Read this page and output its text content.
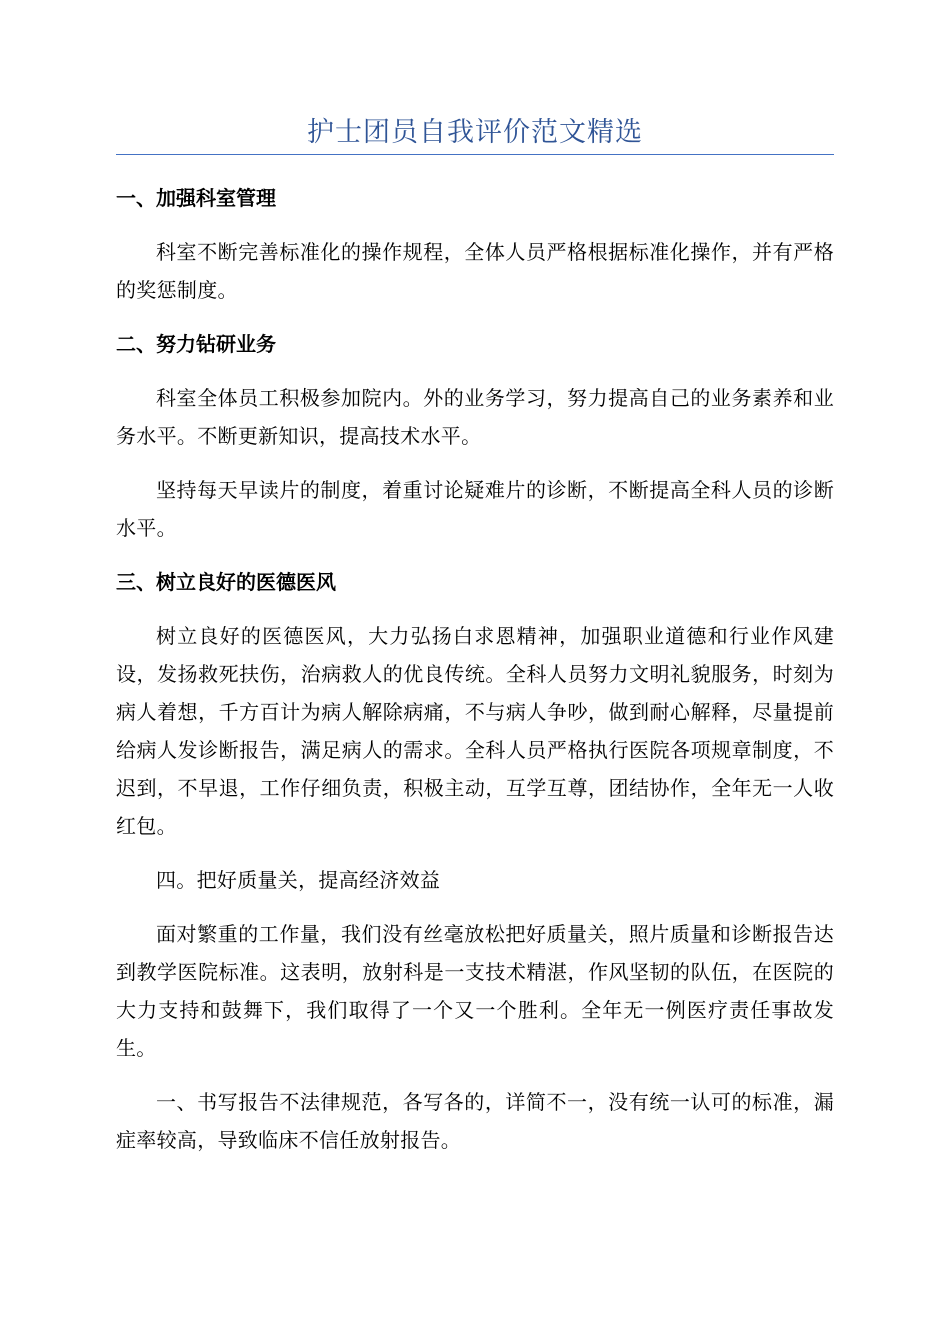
护士团员自我评价范文精选
一、加强科室管理

科室不断完善标准化的操作规程，全体人员严格根据标准化操作，并有严格的奖惩制度。

二、努力钻研业务

科室全体员工积极参加院内。外的业务学习，努力提高自己的业务素养和业务水平。不断更新知识，提高技术水平。

坚持每天早读片的制度，着重讨论疑难片的诊断，不断提高全科人员的诊断水平。

三、树立良好的医德医风

树立良好的医德医风，大力弘扬白求恩精神，加强职业道德和行业作风建设，发扬救死扶伤，治病救人的优良传统。全科人员努力文明礼貌服务，时刻为病人着想，千方百计为病人解除病痛，不与病人争吵，做到耐心解释，尽量提前给病人发诊断报告，满足病人的需求。全科人员严格执行医院各项规章制度，不迟到，不早退，工作仔细负责，积极主动，互学互尊，团结协作，全年无一人收红包。

四。把好质量关，提高经济效益

面对繁重的工作量，我们没有丝毫放松把好质量关，照片质量和诊断报告达到教学医院标准。这表明，放射科是一支技术精湛，作风坚韧的队伍，在医院的大力支持和鼓舞下，我们取得了一个又一个胜利。全年无一例医疗责任事故发生。

一、书写报告不法律规范，各写各的，详简不一，没有统一认可的标准，漏症率较高，导致临床不信任放射报告。
